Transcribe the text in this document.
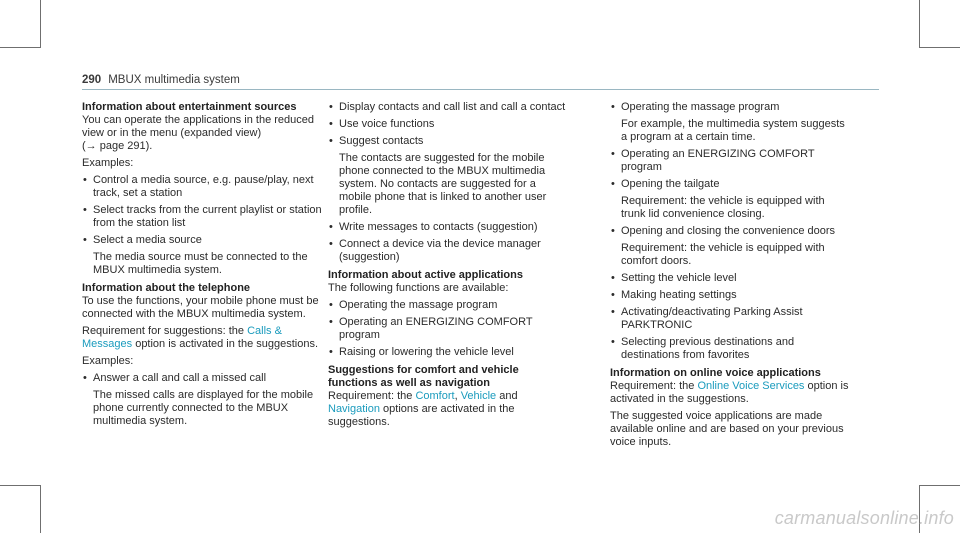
290 MBUX multimedia system

Information about entertainment sources

You can operate the applications in the reduced view or in the menu (expanded view)
(→ page 291).

Examples:

• Control a media source, e.g. pause/play, next track, set a station
• Select tracks from the current playlist or station from the station list
• Select a media source
The media source must be connected to the MBUX multimedia system.

Information about the telephone

To use the functions, your mobile phone must be connected with the MBUX multimedia system.

Requirement for suggestions: the Calls & Messages option is activated in the suggestions.

Examples:

• Answer a call and call a missed call
The missed calls are displayed for the mobile phone currently connected to the MBUX multimedia system.
• Display contacts and call list and call a contact
• Use voice functions
• Suggest contacts
The contacts are suggested for the mobile phone connected to the MBUX multimedia system. No contacts are suggested for a mobile phone that is linked to another user profile.
• Write messages to contacts (suggestion)
• Connect a device via the device manager (suggestion)

Information about active applications

The following functions are available:

• Operating the massage program
• Operating an ENERGIZING COMFORT program
• Raising or lowering the vehicle level

Suggestions for comfort and vehicle functions as well as navigation

Requirement: the Comfort, Vehicle and Navigation options are activated in the suggestions.

• Operating the massage program
For example, the multimedia system suggests a program at a certain time.
• Operating an ENERGIZING COMFORT program
• Opening the tailgate
Requirement: the vehicle is equipped with trunk lid convenience closing.
• Opening and closing the convenience doors
Requirement: the vehicle is equipped with comfort doors.
• Setting the vehicle level
• Making heating settings
• Activating/deactivating Parking Assist PARKTRONIC
• Selecting previous destinations and destinations from favorites

Information on online voice applications

Requirement: the Online Voice Services option is activated in the suggestions.

The suggested voice applications are made available online and are based on your previous voice inputs.

carmanualsonline.info
